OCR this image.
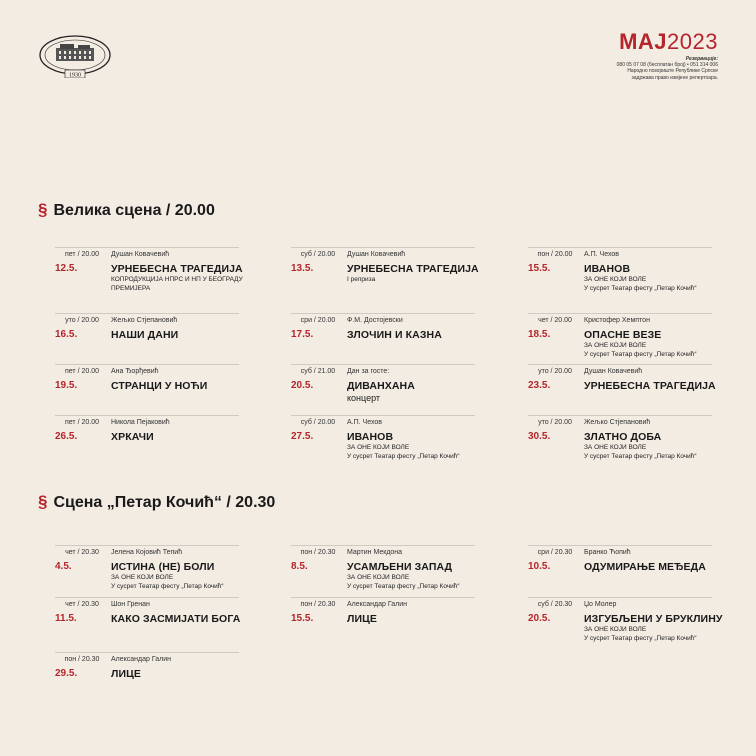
1930
МАЈ2023
Резервације:
080 05 07 08 (бесплатан број) • 051 314 006
Народно позориште Републике Српске
задржава право измјене репертоара.
§ Велика сцена / 20.00
пет / 20.00	Душан Ковачевић
12.5.	УРНЕБЕСНА ТРАГЕДИЈА
КОПРОДУКЦИЈА НПРС И НП У БЕОГРАДУ
ПРЕМИЈЕРА
суб / 20.00	Душан Ковачевић
13.5.	УРНЕБЕСНА ТРАГЕДИЈА
I реприза
пон / 20.00	А.П. Чехов
15.5.	ИВАНОВ
ЗА ОНЕ КОЈИ ВОЛЕ
У сусрет Театар фесту „Петар Кочић“
уто / 20.00	Жељко Стјепановић
16.5.	НАШИ ДАНИ
сри / 20.00	Ф.М. Достојевски
17.5.	ЗЛОЧИН И КАЗНА
чет / 20.00	Кристофер Хемптон
18.5.	ОПАСНЕ ВЕЗЕ
ЗА ОНЕ КОЈИ ВОЛЕ
У сусрет Театар фесту „Петар Кочић“
пет / 20.00	Ана Ђорђевић
19.5.	СТРАНЦИ У НОЋИ
суб / 21.00	Дан за госте:
20.5.	ДИВАНХАНА
концерт
уто / 20.00	Душан Ковачевић
23.5.	УРНЕБЕСНА ТРАГЕДИЈА
пет / 20.00	Никола Пејаковић
26.5.	ХРКАЧИ
суб / 20.00	А.П. Чехов
27.5.	ИВАНОВ
ЗА ОНЕ КОЈИ ВОЛЕ
У сусрет Театар фесту „Петар Кочић“
уто / 20.00	Жељко Стјепановић
30.5.	ЗЛАТНО ДОБА
ЗА ОНЕ КОЈИ ВОЛЕ
У сусрет Театар фесту „Петар Кочић“
§ Сцена „Петар Кочић“ / 20.30
чет / 20.30	Јелена Којовић Тепић
4.5.	ИСТИНА (НЕ) БОЛИ
ЗА ОНЕ КОЈИ ВОЛЕ
У сусрет Театар фесту „Петар Кочић“
пон / 20.30	Мартин Мекдона
8.5.	УСАМЉЕНИ ЗАПАД
ЗА ОНЕ КОЈИ ВОЛЕ
У сусрет Театар фесту „Петар Кочић“
сри / 20.30	Бранко Ћопић
10.5.	ОДУМИРАЊЕ МЕЂЕДА
чет / 20.30	Шон Гренан
11.5.	КАКО ЗАСМИЈАТИ БОГА
пон / 20.30	Александар Галин
15.5.	ЛИЦЕ
суб / 20.30	Џо Молер
20.5.	ИЗГУБЉЕНИ У БРУКЛИНУ
ЗА ОНЕ КОЈИ ВОЛЕ
У сусрет Театар фесту „Петар Кочић“
пон / 20.30	Александар Галин
29.5.	ЛИЦЕ
